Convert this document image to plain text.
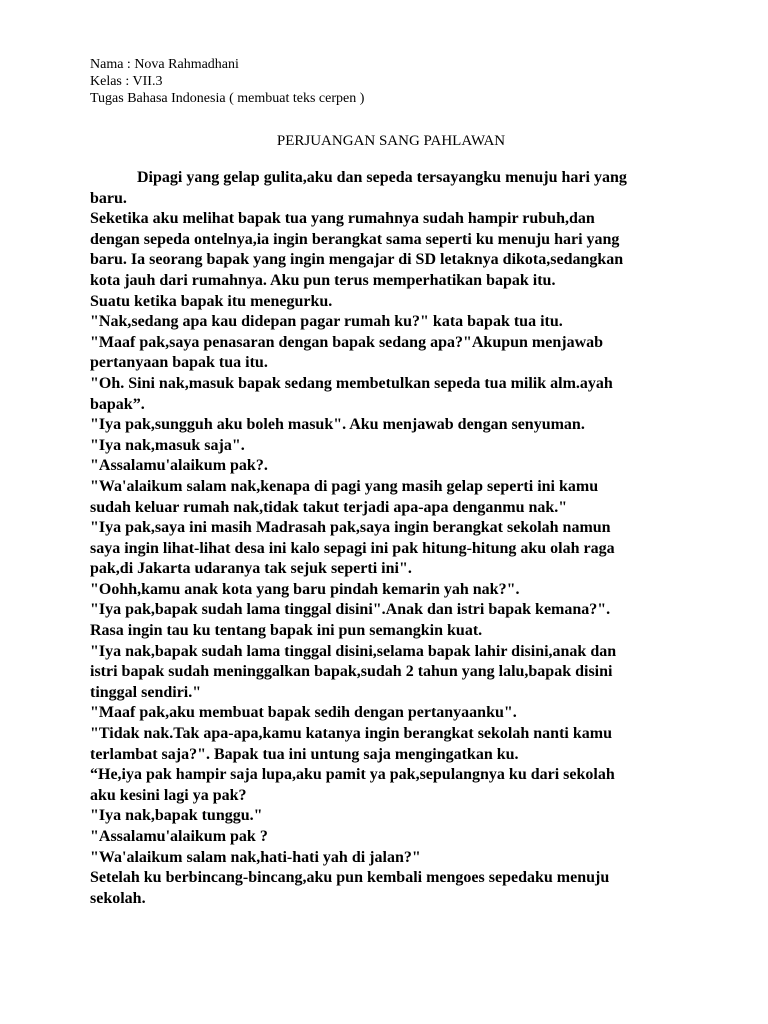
Nama : Nova Rahmadhani
Kelas : VII.3
Tugas Bahasa Indonesia ( membuat teks cerpen )
PERJUANGAN SANG PAHLAWAN
Dipagi yang gelap gulita,aku dan sepeda tersayangku menuju hari yang
baru.
Seketika aku melihat bapak tua yang rumahnya sudah hampir rubuh,dan
dengan sepeda ontelnya,ia ingin berangkat sama seperti ku menuju hari yang
baru. Ia seorang bapak yang ingin mengajar di SD letaknya dikota,sedangkan
kota jauh dari rumahnya. Aku pun terus memperhatikan bapak itu.
Suatu ketika bapak itu menegurku.
"Nak,sedang apa kau didepan pagar rumah ku?" kata bapak tua itu.
"Maaf pak,saya penasaran dengan bapak sedang apa?"Akupun menjawab
pertanyaan bapak tua itu.
"Oh. Sini nak,masuk bapak sedang membetulkan sepeda tua milik alm.ayah
bapak”.
"Iya pak,sungguh aku boleh masuk". Aku menjawab dengan senyuman.
"Iya nak,masuk saja".
"Assalamu'alaikum pak?.
"Wa'alaikum salam nak,kenapa di pagi yang masih gelap seperti ini kamu
sudah keluar rumah nak,tidak takut terjadi apa-apa denganmu nak."
"Iya pak,saya ini masih Madrasah pak,saya ingin berangkat sekolah namun
saya ingin lihat-lihat desa ini kalo sepagi ini pak hitung-hitung aku olah raga
pak,di Jakarta udaranya tak sejuk seperti ini".
"Oohh,kamu anak kota yang baru pindah kemarin yah nak?".
"Iya pak,bapak sudah lama tinggal disini".Anak dan istri bapak kemana?".
Rasa ingin tau ku tentang bapak ini pun semangkin kuat.
"Iya nak,bapak sudah lama tinggal disini,selama bapak lahir disini,anak dan
istri bapak sudah meninggalkan bapak,sudah 2 tahun yang lalu,bapak disini
tinggal sendiri."
"Maaf pak,aku membuat bapak sedih dengan pertanyaanku".
"Tidak nak.Tak apa-apa,kamu katanya ingin berangkat sekolah nanti kamu
terlambat saja?". Bapak tua ini untung saja mengingatkan ku.
“He,iya pak hampir saja lupa,aku pamit ya pak,sepulangnya ku dari sekolah
aku kesini lagi ya pak?
"Iya nak,bapak tunggu."
"Assalamu'alaikum pak ?
"Wa'alaikum salam nak,hati-hati yah di jalan?"
Setelah ku berbincang-bincang,aku pun kembali mengoes sepedaku menuju
sekolah.
